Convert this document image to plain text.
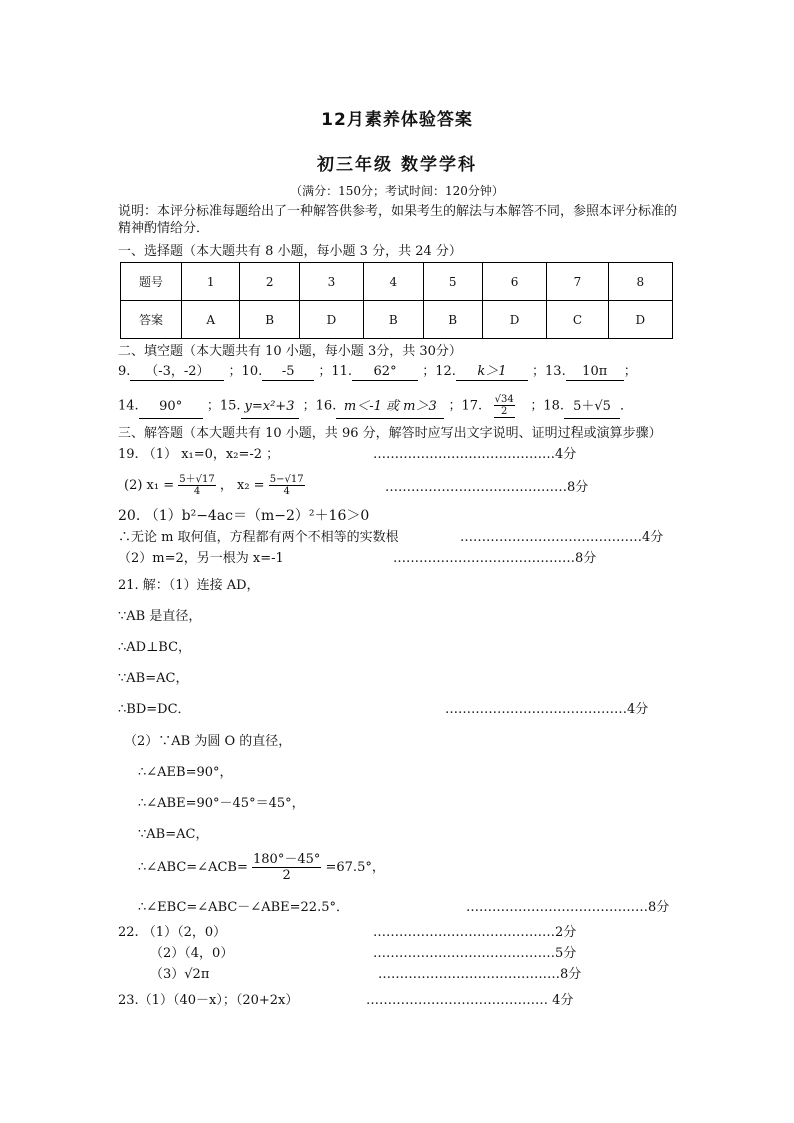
12月素养体验答案
初三年级 数学学科
（满分：150分；考试时间：120分钟）
说明：本评分标准每题给出了一种解答供参考，如果考生的解法与本解答不同，参照本评分标准的精神酌情给分．
一、选择题（本大题共有 8 小题，每小题 3 分，共 24 分）
题号	1	2	3	4	5	6	7	8
答案	A	B	D	B	B	D	C	D
二、填空题（本大题共有 10 小题，每小题 3分，共 30分）
9. （-3，-2） ；10. -5 ；11. 62° ；12. k＞1 ；13. 10π ；
14. 90° ；15. y=x²+3 ；16. m＜-1 或 m＞3 ；17. $\frac{√34}{2}$ ；18. 5＋√5 ．
三、解答题（本大题共有 10 小题，共 96 分，解答时应写出文字说明、证明过程或演算步骤）
19. （1） x₁=0，x₂=-2 ；	……………………………………4分
(2) $x_1 = \frac{5+√17}{4}$ ， $x_2 = \frac{5-√17}{4}$	……………………………………8分
20. （1）b²−4ac＝（m−2）²＋16＞0
∴无论 m 取何值，方程都有两个不相等的实数根	……………………………………4分
（2）m=2，另一根为 x=-1	……………………………………8分
21. 解：（1）连接 AD，
∵AB 是直径，
∴AD⊥BC，
∵AB=AC，
∴BD=DC．	……………………………………4分
（2）∵AB 为圆 O 的直径，
∴∠AEB=90°，
∴∠ABE=90°－45°＝45°，
∵AB=AC，
∴∠ABC=∠ACB= $\frac{180^\circ-45^\circ}{2} =67.5^\circ$，
∴∠EBC=∠ABC－∠ABE=22.5°．	……………………………………8分
22. （1）（2，0）	……………………………………2分
（2）（4，0）	……………………………………5分
（3）√2π	……………………………………8分
23.（1）（40－x）；（20+2x）	…………………………………… 4分
